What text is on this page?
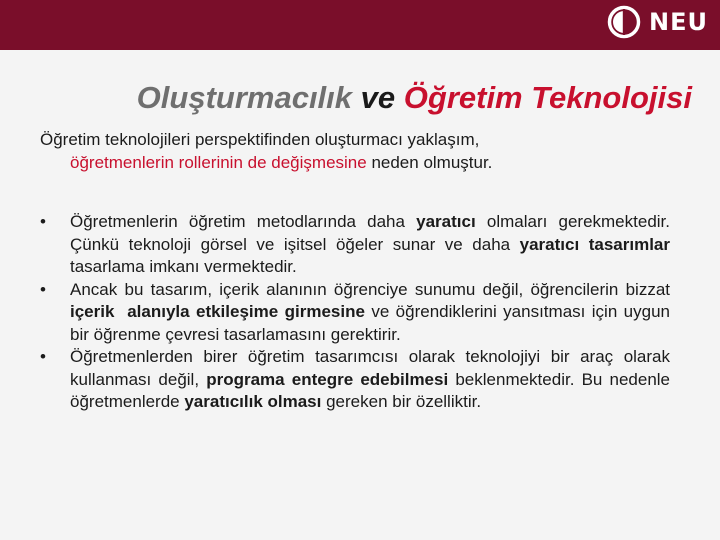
NEU
Oluşturmacılık ve Öğretim Teknolojisi
Öğretim teknolojileri perspektifinden oluşturmacı yaklaşım,
öğretmenlerin rollerinin de değişmesine neden olmuştur.
• Öğretmenlerin öğretim metodlarında daha yaratıcı olmaları gerekmektedir. Çünkü teknoloji görsel ve işitsel öğeler sunar ve daha yaratıcı tasarımlar tasarlama imkanı vermektedir.
• Ancak bu tasarım, içerik alanının öğrenciye sunumu değil, öğrencilerin bizzat içerik  alanıyla etkileşime girmesine ve öğrendiklerini yansıtması için uygun bir öğrenme çevresi tasarlamasını gerektirir.
• Öğretmenlerden birer öğretim tasarımcısı olarak teknolojiyi bir araç olarak kullanması değil, programa entegre edebilmesi beklenmektedir. Bu nedenle öğretmenlerde yaratıcılık olması gereken bir özelliktir.
